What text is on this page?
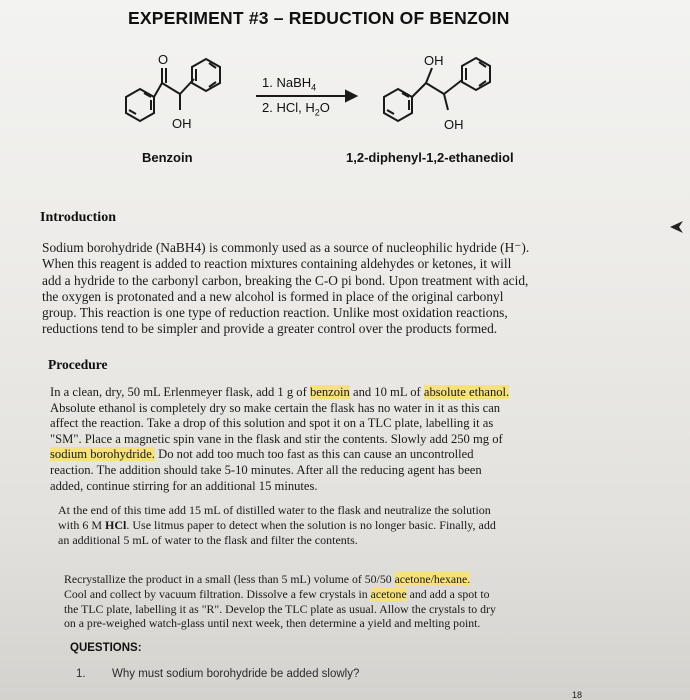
EXPERIMENT #3 – REDUCTION OF BENZOIN
O
OH
OH
OH
1. NaBH$_4$
2. HCl, $H_2O$
Benzoin	1,2-diphenyl-1,2-ethanediol
Introduction
Sodium borohydride (NaBH4) is commonly used as a source of nucleophilic hydride (H⁻).
When this reagent is added to reaction mixtures containing aldehydes or ketones, it will
add a hydride to the carbonyl carbon, breaking the C-O pi bond. Upon treatment with acid,
the oxygen is protonated and a new alcohol is formed in place of the original carbonyl
group. This reaction is one type of reduction reaction. Unlike most oxidation reactions,
reductions tend to be simpler and provide a greater control over the products formed.
Procedure
In a clean, dry, 50 mL Erlenmeyer flask, add 1 g of benzoin and 10 mL of absolute ethanol.
Absolute ethanol is completely dry so make certain the flask has no water in it as this can
affect the reaction. Take a drop of this solution and spot it on a TLC plate, labelling it as
"SM". Place a magnetic spin vane in the flask and stir the contents. Slowly add 250 mg of
sodium borohydride. Do not add too much too fast as this can cause an uncontrolled
reaction. The addition should take 5-10 minutes. After all the reducing agent has been
added, continue stirring for an additional 15 minutes.
At the end of this time add 15 mL of distilled water to the flask and neutralize the solution
with 6 M HCl. Use litmus paper to detect when the solution is no longer basic. Finally, add
an additional 5 mL of water to the flask and filter the contents.
Recrystallize the product in a small (less than 5 mL) volume of 50/50 acetone/hexane.
Cool and collect by vacuum filtration. Dissolve a few crystals in acetone and add a spot to
the TLC plate, labelling it as "R". Develop the TLC plate as usual. Allow the crystals to dry
on a pre-weighed watch-glass until next week, then determine a yield and melting point.
QUESTIONS:
1. Why must sodium borohydride be added slowly?
18
